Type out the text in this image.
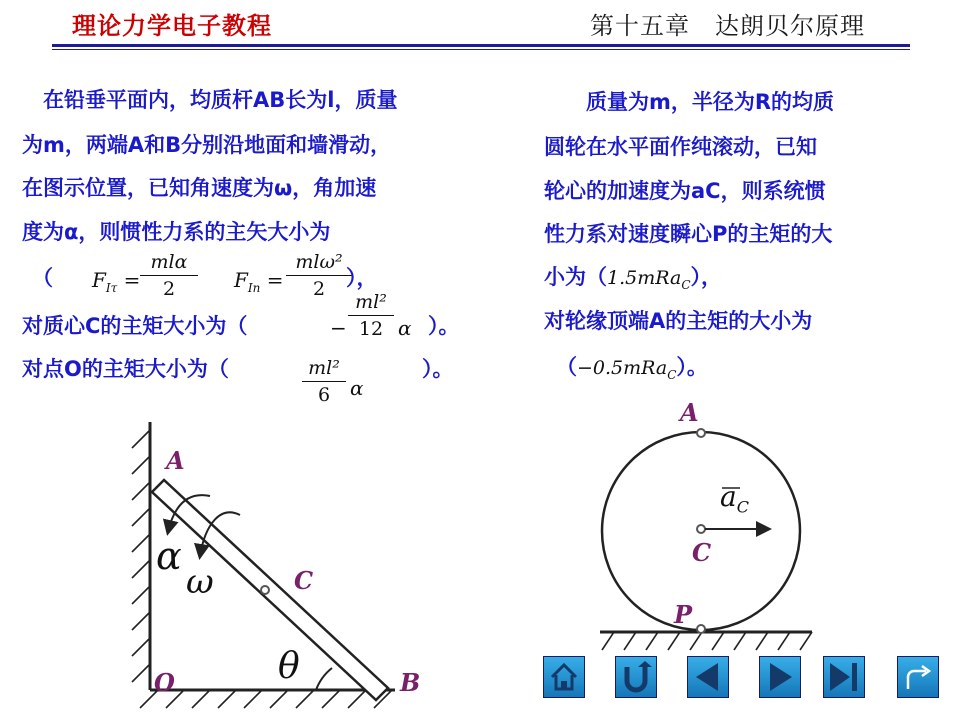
理论力学电子教程	第十五章　达朗贝尔原理
　在铅垂平面内，均质杆AB长为l，质量
为m，两端A和B分别沿地面和墙滑动，
在图示位置，已知角速度为ω，角加速
度为α，则惯性力系的主矢大小为
（ $F_{I\tau}$ =
mlα
2	$F_{In}$ =
mlω²
2 ），
对质心C的主矩大小为（	−
ml²
12 α ）。
对点O的主矩大小为（	ml²
6 α
）。
　　质量为m，半径为R的均质
圆轮在水平面作纯滚动，已知
轮心的加速度为aC，则系统惯
性力系对速度瞬心P的主矩的大
小为（1.5mRa$_C$），
对轮缘顶端A的主矩的大小为
（−0.5mRa$_C$）。
A
B
C
O
α
ω
θ
A
C
P
$a_C$
